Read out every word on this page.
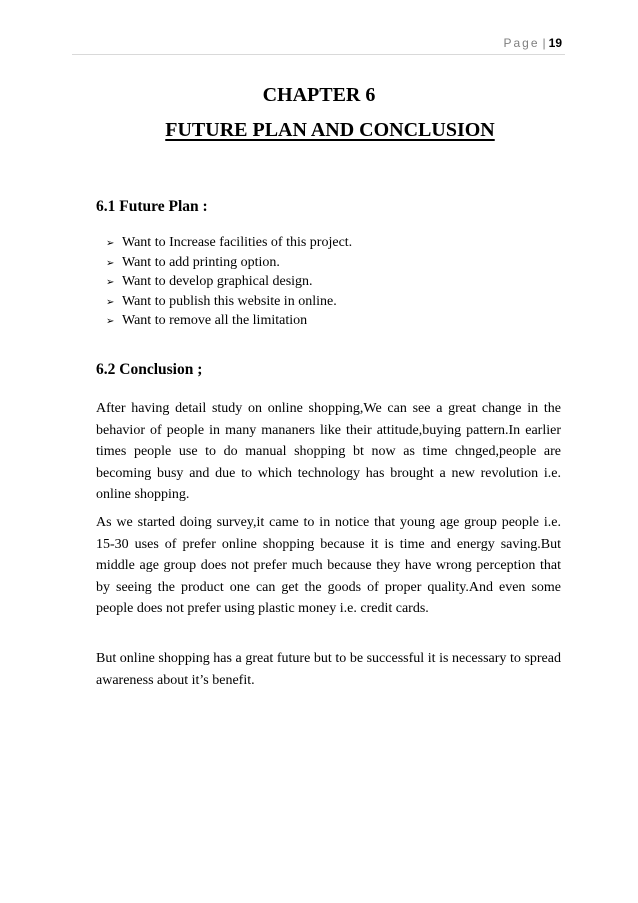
Page | 19
CHAPTER 6
FUTURE PLAN AND CONCLUSION
6.1 Future Plan :
➢ Want to Increase facilities of this project.
➢ Want to add printing option.
➢ Want to develop graphical design.
➢ Want to publish this website in online.
➢ Want to remove all the limitation
6.2 Conclusion ;

After having detail study on online shopping,We can see a great change in the behavior of people in many mananers like their attitude,buying pattern.In earlier times people use to do manual shopping bt now as time chnged,people are becoming busy and due to which technology has brought a new revolution i.e. online shopping.

As we started doing survey,it came to in notice that young age group people i.e. 15-30 uses of prefer online shopping because it is time and energy saving.But middle age group does not prefer much because they have wrong perception that by seeing the product one can get the goods of proper quality.And even some people does not prefer using plastic money i.e. credit cards.

But online shopping has a great future but to be successful it is necessary to spread awareness about it’s benefit.
